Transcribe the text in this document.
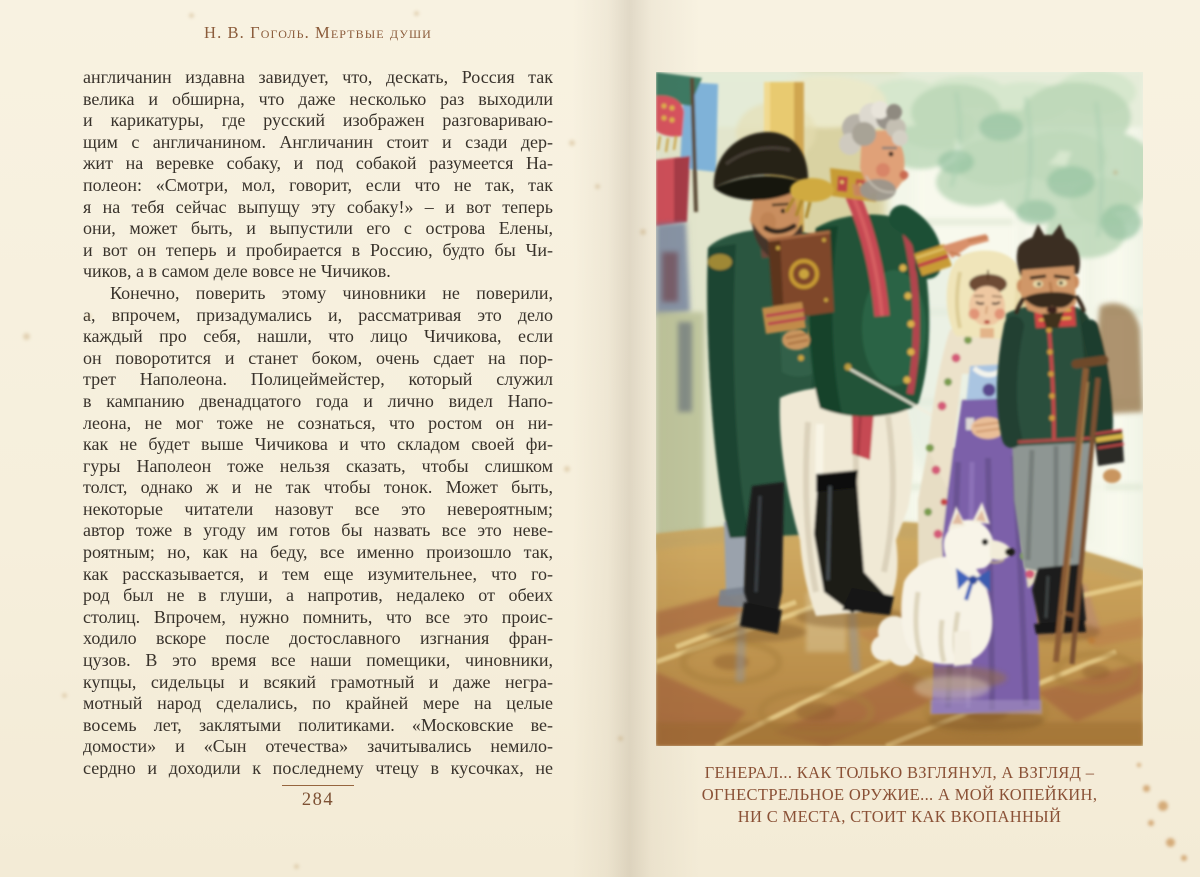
Н. В. Гоголь. Мертвые души
англичанин издавна завидует, что, дескать, Россия так
велика и обширна, что даже несколько раз выходили
и карикатуры, где русский изображен разговариваю-
щим с англичанином. Англичанин стоит и сзади дер-
жит на веревке собаку, и под собакой разумеется На-
полеон: «Смотри, мол, говорит, если что не так, так
я на тебя сейчас выпущу эту собаку!» – и вот теперь
они, может быть, и выпустили его с острова Елены,
и вот он теперь и пробирается в Россию, будто бы Чи-
чиков, а в самом деле вовсе не Чичиков.
Конечно, поверить этому чиновники не поверили,
а, впрочем, призадумались и, рассматривая это дело
каждый про себя, нашли, что лицо Чичикова, если
он поворотится и станет боком, очень сдает на пор-
трет Наполеона. Полицеймейстер, который служил
в кампанию двенадцатого года и лично видел Напо-
леона, не мог тоже не сознаться, что ростом он ни-
как не будет выше Чичикова и что складом своей фи-
гуры Наполеон тоже нельзя сказать, чтобы слишком
толст, однако ж и не так чтобы тонок. Может быть,
некоторые читатели назовут все это невероятным;
автор тоже в угоду им готов бы назвать все это неве-
роятным; но, как на беду, все именно произошло так,
как рассказывается, и тем еще изумительнее, что го-
род был не в глуши, а напротив, недалеко от обеих
столиц. Впрочем, нужно помнить, что все это проис-
ходило вскоре после достославного изгнания фран-
цузов. В это время все наши помещики, чиновники,
купцы, сидельцы и всякий грамотный и даже негра-
мотный народ сделались, по крайней мере на целые
восемь лет, заклятыми политиками. «Московские ве-
домости» и «Сын отечества» зачитывались немило-
сердно и доходили к последнему чтецу в кусочках, не
284
ГЕНЕРАЛ... КАК ТОЛЬКО ВЗГЛЯНУЛ, А ВЗГЛЯД –
ОГНЕСТРЕЛЬНОЕ ОРУЖИЕ... А МОЙ КОПЕЙКИН,
НИ С МЕСТА, СТОИТ КАК ВКОПАННЫЙ
